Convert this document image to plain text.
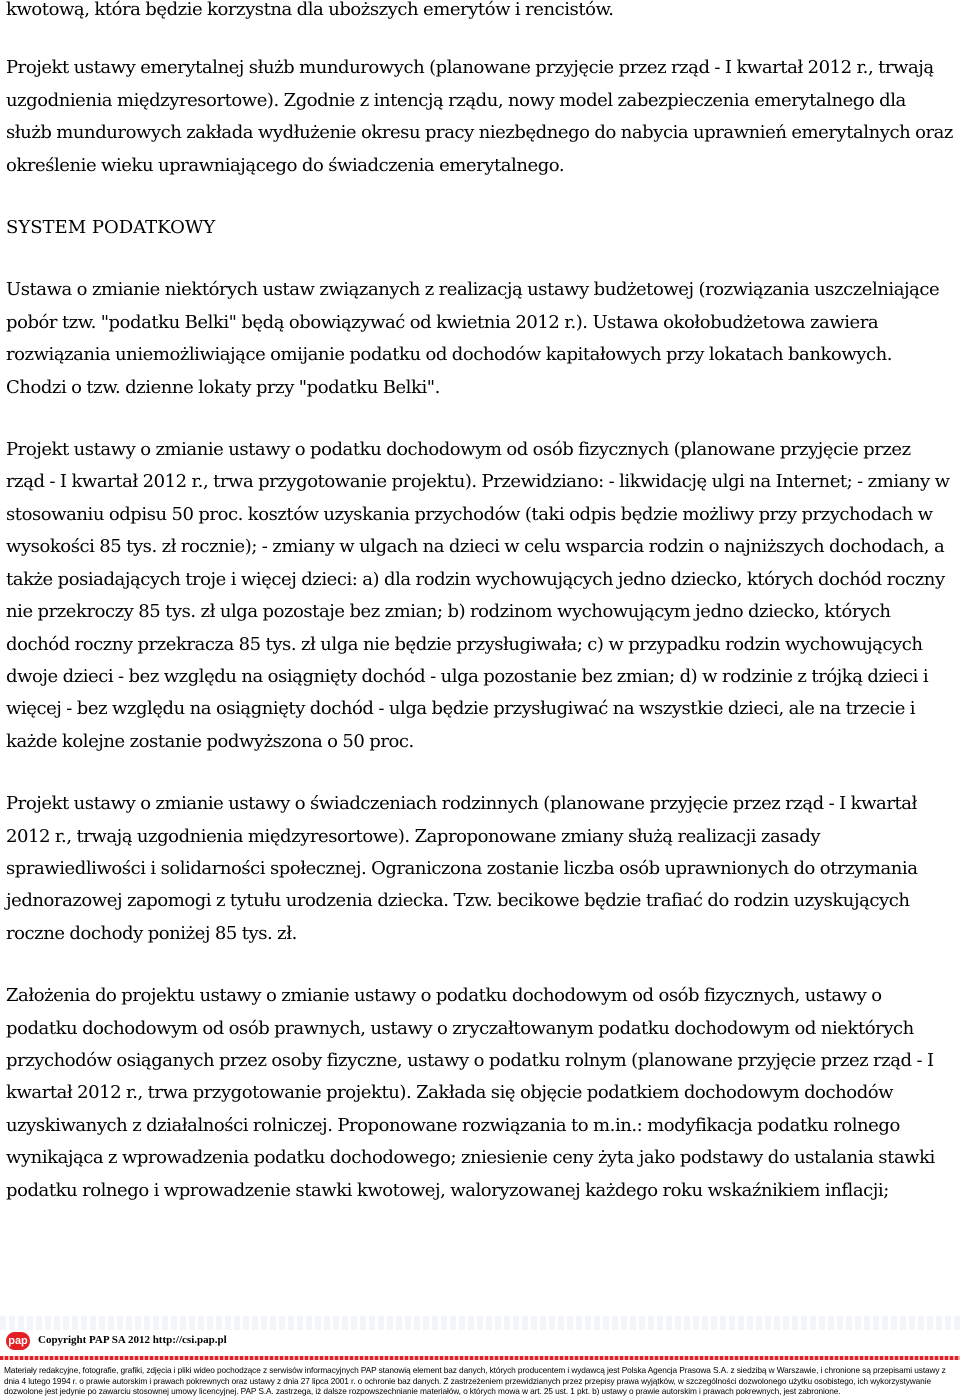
kwotową, która będzie korzystna dla uboższych emerytów i rencistów.

Projekt ustawy emerytalnej służb mundurowych (planowane przyjęcie przez rząd - I kwartał 2012 r., trwają uzgodnienia międzyresortowe). Zgodnie z intencją rządu, nowy model zabezpieczenia emerytalnego dla służb mundurowych zakłada wydłużenie okresu pracy niezbędnego do nabycia uprawnień emerytalnych oraz określenie wieku uprawniającego do świadczenia emerytalnego.

SYSTEM PODATKOWY

Ustawa o zmianie niektórych ustaw związanych z realizacją ustawy budżetowej (rozwiązania uszczelniające pobór tzw. "podatku Belki" będą obowiązywać od kwietnia 2012 r.). Ustawa okołobudżetowa zawiera rozwiązania uniemożliwiające omijanie podatku od dochodów kapitałowych przy lokatach bankowych. Chodzi o tzw. dzienne lokaty przy "podatku Belki".

Projekt ustawy o zmianie ustawy o podatku dochodowym od osób fizycznych (planowane przyjęcie przez rząd - I kwartał 2012 r., trwa przygotowanie projektu). Przewidziano: - likwidację ulgi na Internet; - zmiany w stosowaniu odpisu 50 proc. kosztów uzyskania przychodów (taki odpis będzie możliwy przy przychodach w wysokości 85 tys. zł rocznie); - zmiany w ulgach na dzieci w celu wsparcia rodzin o najniższych dochodach, a także posiadających troje i więcej dzieci: a) dla rodzin wychowujących jedno dziecko, których dochód roczny nie przekroczy 85 tys. zł ulga pozostaje bez zmian; b) rodzinom wychowującym jedno dziecko, których dochód roczny przekracza 85 tys. zł ulga nie będzie przysługiwała; c) w przypadku rodzin wychowujących dwoje dzieci - bez względu na osiągnięty dochód - ulga pozostanie bez zmian; d) w rodzinie z trójką dzieci i więcej - bez względu na osiągnięty dochód - ulga będzie przysługiwać na wszystkie dzieci, ale na trzecie i każde kolejne zostanie podwyższona o 50 proc.

Projekt ustawy o zmianie ustawy o świadczeniach rodzinnych (planowane przyjęcie przez rząd - I kwartał 2012 r., trwają uzgodnienia międzyresortowe). Zaproponowane zmiany służą realizacji zasady sprawiedliwości i solidarności społecznej. Ograniczona zostanie liczba osób uprawnionych do otrzymania jednorazowej zapomogi z tytułu urodzenia dziecka. Tzw. becikowe będzie trafiać do rodzin uzyskujących roczne dochody poniżej 85 tys. zł.

Założenia do projektu ustawy o zmianie ustawy o podatku dochodowym od osób fizycznych, ustawy o podatku dochodowym od osób prawnych, ustawy o zryczałtowanym podatku dochodowym od niektórych przychodów osiąganych przez osoby fizyczne, ustawy o podatku rolnym (planowane przyjęcie przez rząd - I kwartał 2012 r., trwa przygotowanie projektu). Zakłada się objęcie podatkiem dochodowym dochodów uzyskiwanych z działalności rolniczej. Proponowane rozwiązania to m.in.: modyfikacja podatku rolnego wynikająca z wprowadzenia podatku dochodowego; zniesienie ceny żyta jako podstawy do ustalania stawki podatku rolnego i wprowadzenie stawki kwotowej, waloryzowanej każdego roku wskaźnikiem inflacji;

pap Copyright PAP SA 2012 http://csi.pap.pl
Materiały redakcyjne, fotografie, grafiki, zdjęcia i pliki wideo pochodzące z serwisów informacyjnych PAP stanowią element baz danych, których producentem i wydawcą jest Polska Agencja Prasowa S.A. z siedzibą w Warszawie, i chronione są przepisami ustawy z dnia 4 lutego 1994 r. o prawie autorskim i prawach pokrewnych oraz ustawy z dnia 27 lipca 2001 r. o ochronie baz danych. Z zastrzeżeniem przewidzianych przez przepisy prawa wyjątków, w szczególności dozwolonego użytku osobistego, ich wykorzystywanie dozwolone jest jedynie po zawarciu stosownej umowy licencyjnej. PAP S.A. zastrzega, iż dalsze rozpowszechnianie materiałów, o których mowa w art. 25 ust. 1 pkt. b) ustawy o prawie autorskim i prawach pokrewnych, jest zabronione.
